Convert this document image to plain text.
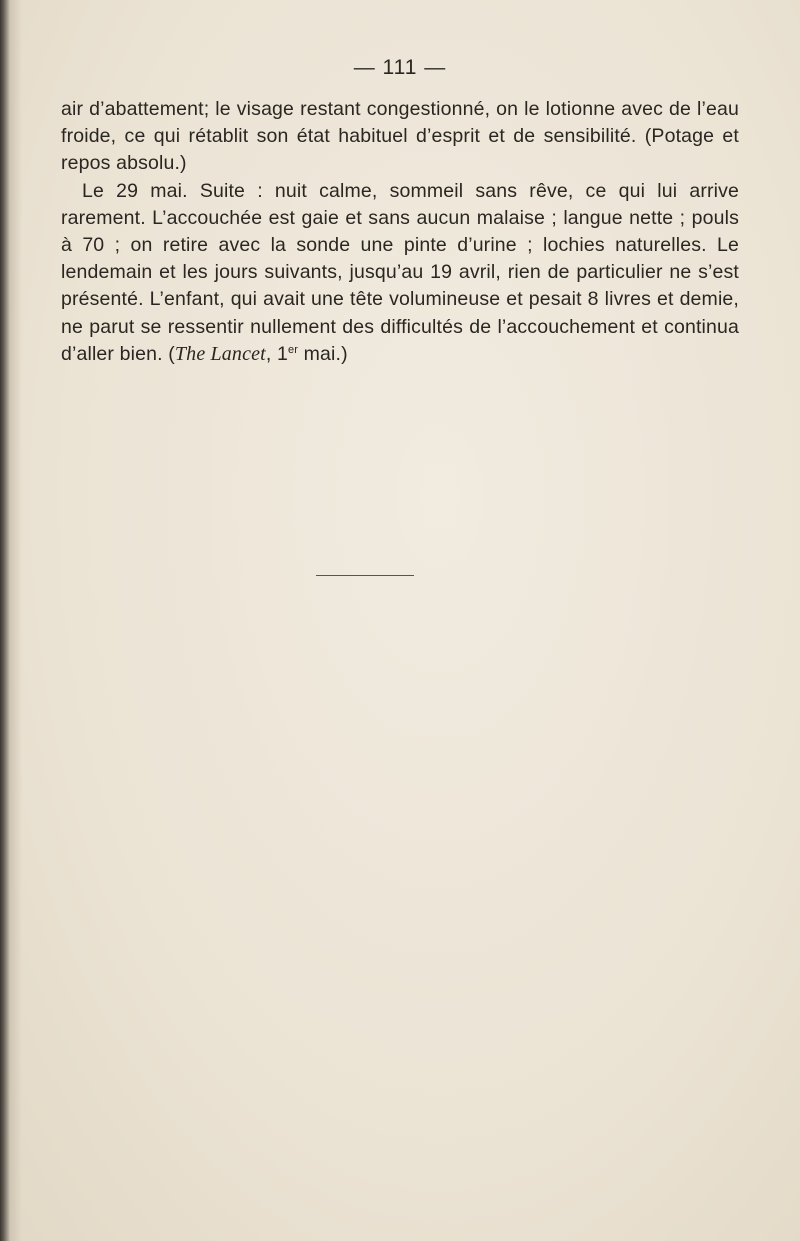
— 111 —

air d’abattement; le visage restant congestionné, on le lotionne avec de l’eau froide, ce qui rétablit son état habituel d’esprit et de sensibilité. (Potage et repos absolu.)

Le 29 mai. Suite : nuit calme, sommeil sans rêve, ce qui lui arrive rarement. L’accouchée est gaie et sans aucun malaise ; langue nette ; pouls à 70 ; on retire avec la sonde une pinte d’urine ; lochies naturelles. Le lendemain et les jours suivants, jusqu’au 19 avril, rien de particulier ne s’est présenté. L’enfant, qui avait une tête volumineuse et pesait 8 livres et demie, ne parut se ressentir nullement des difficultés de l’accouchement et continua d’aller bien. (The Lancet, 1er mai.)
